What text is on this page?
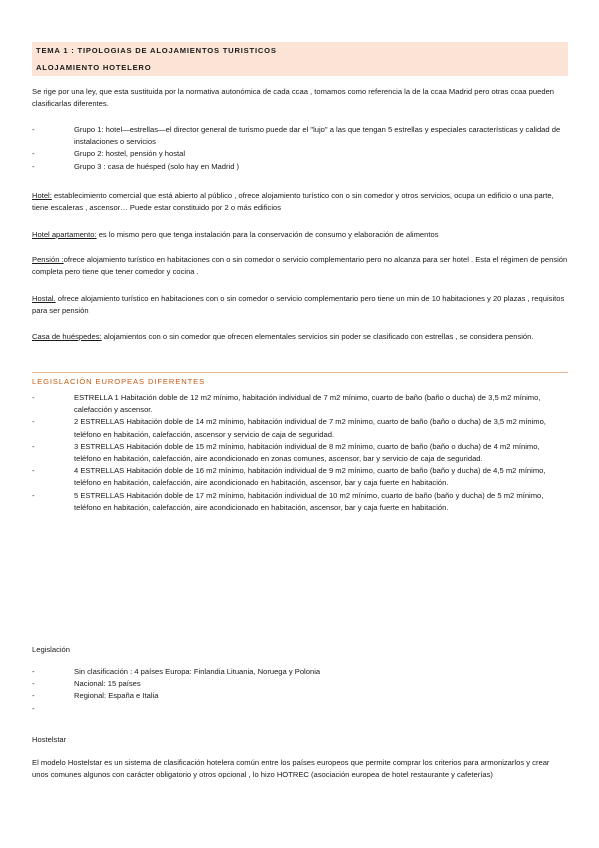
TEMA 1 : TIPOLOGIAS DE ALOJAMIENTOS TURISTICOS

ALOJAMIENTO HOTELERO

Se rige por una ley, que esta sustituida por la normativa autonómica de cada ccaa , tomamos como referencia la de la ccaa Madrid pero otras ccaa pueden clasificarlas diferentes.

-	Grupo 1: hotel—estrellas—el director general de turismo puede dar el "lujo" a las que tengan 5 estrellas y especiales características y calidad de instalaciones o servicios
-	Grupo 2: hostel, pensión y hostal
-	Grupo 3 : casa de huésped (solo hay en Madrid )

Hotel: establecimiento comercial que está abierto al público , ofrece alojamiento turístico con o sin comedor y otros servicios, ocupa un edificio o una parte, tiene escaleras , ascensor… Puede estar constituido por 2 o más edificios

Hotel apartamento: es lo mismo pero que tenga instalación para la conservación de consumo y elaboración de alimentos

Pensión :ofrece alojamiento turístico en habitaciones con o sin comedor o servicio complementario pero no alcanza para ser hotel . Esta el régimen de pensión completa pero tiene que tener comedor y cocina .

Hostal. ofrece alojamiento turístico en habitaciones con o sin comedor o servicio complementario pero tiene un min de 10 habitaciones y 20 plazas , requisitos para ser pensión

Casa de huéspedes: alojamientos con o sin comedor que ofrecen elementales servicios sin poder se clasificado con estrellas , se considera pensión.

LEGISLACIÓN EUROPEAS DIFERENTES

-	ESTRELLA 1 Habitación doble de 12 m2 mínimo, habitación individual de 7 m2 mínimo, cuarto de baño (baño o ducha) de 3,5 m2 mínimo, calefacción y ascensor.
-	2 ESTRELLAS Habitación doble de 14 m2 mínimo, habitación individual de 7 m2 mínimo, cuarto de baño (baño o ducha) de 3,5 m2 mínimo, teléfono en habitación, calefacción, ascensor y servicio de caja de seguridad.
-	3 ESTRELLAS Habitación doble de 15 m2 mínimo, habitación individual de 8 m2 mínimo, cuarto de baño (baño o ducha) de 4 m2 mínimo, teléfono en habitación, calefacción, aire acondicionado en zonas comunes, ascensor, bar y servicio de caja de seguridad.
-	4 ESTRELLAS Habitación doble de 16 m2 mínimo, habitación individual de 9 m2 mínimo, cuarto de baño (baño y ducha) de 4,5 m2 mínimo, teléfono en habitación, calefacción, aire acondicionado en habitación, ascensor, bar y caja fuerte en habitación.
-	5 ESTRELLAS Habitación doble de 17 m2 mínimo, habitación individual de 10 m2 mínimo, cuarto de baño (baño y ducha) de 5 m2 mínimo, teléfono en habitación, calefacción, aire acondicionado en habitación, ascensor, bar y caja fuerte en habitación.

Legislación

-	Sin clasificación : 4 países Europa: Finlandia Lituania, Noruega y Polonia
-	Nacional: 15 países
-	Regional: España e Italia
-

Hostelstar

El modelo Hostelstar es un sistema de clasificación hotelera común entre los países europeos que permite comprar los criterios para armonizarlos y crear unos comunes algunos con carácter obligatorio y otros opcional , lo hizo HOTREC (asociación europea de hotel restaurante y cafeterías)
